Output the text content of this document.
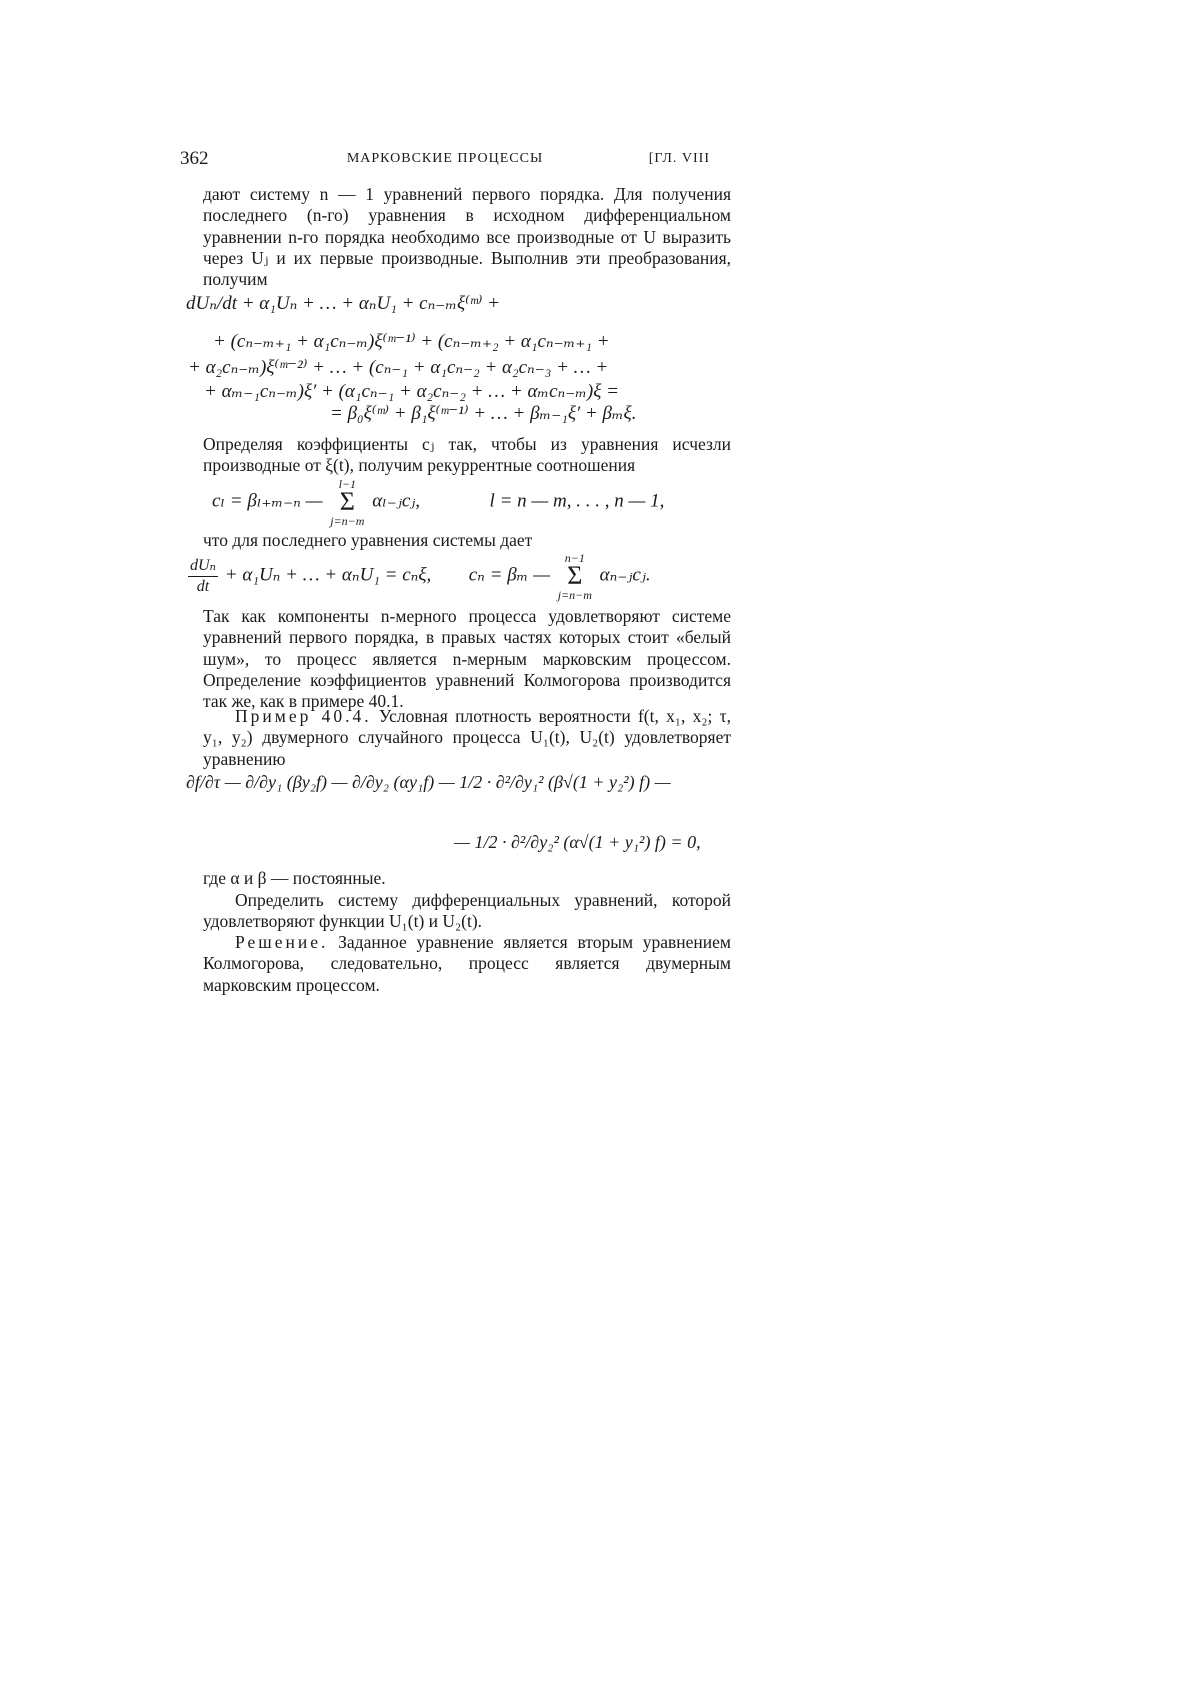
362	МАРКОВСКИЕ ПРОЦЕССЫ	[ГЛ. VIII
дают систему n — 1 уравнений первого порядка. Для получения последнего (n-го) уравнения в исходном дифференциальном уравнении n-го порядка необходимо все производные от U выразить через Uⱼ и их первые производные. Выполнив эти преобразования, получим
dUₙ/dt + α₁Uₙ + … + αₙU₁ + cₙ₋ₘξ⁽ᵐ⁾ +
+ (cₙ₋ₘ₊₁ + α₁cₙ₋ₘ)ξ⁽ᵐ⁻¹⁾ + (cₙ₋ₘ₊₂ + α₁cₙ₋ₘ₊₁ +
+ α₂cₙ₋ₘ)ξ⁽ᵐ⁻²⁾ + … + (cₙ₋₁ + α₁cₙ₋₂ + α₂cₙ₋₃ + … +
+ αₘ₋₁cₙ₋ₘ)ξ′ + (α₁cₙ₋₁ + α₂cₙ₋₂ + … + αₘcₙ₋ₘ)ξ =
= β₀ξ⁽ᵐ⁾ + β₁ξ⁽ᵐ⁻¹⁾ + … + βₘ₋₁ξ′ + βₘξ.
Определяя коэффициенты cⱼ так, чтобы из уравнения исчезли производные от ξ(t), получим рекуррентные соотношения
cₗ = βₗ₊ₘ₋ₙ —
l−1
Σ
j=n−m
αₗ₋ⱼcⱼ,	l = n — m, . . . , n — 1,
что для последнего уравнения системы дает
$\frac{\text{dUₙ}}{dt} + \alpha_1U_n$ + … + αₙU₁ = cₙξ, cₙ = βₘ —
n−1
Σ
j=n−m
αₙ₋ⱼcⱼ.
Так как компоненты n-мерного процесса удовлетворяют системе уравнений первого порядка, в правых частях которых стоит «белый шум», то процесс является n-мерным марковским процессом. Определение коэффициентов уравнений Колмогорова производится так же, как в примере 40.1.
Пример 40.4. Условная плотность вероятности f(t, x₁, x₂; τ, y₁, y₂) двумерного случайного процесса U₁(t), U₂(t) удовлетворяет уравнению
∂f/∂τ — ∂/∂y₁ (βy₂f) — ∂/∂y₂ (αy₁f) — 1/2 · ∂²/∂y₁² (β√(1 + y₂²) f) —
— 1/2 · ∂²/∂y₂² (α√(1 + y₁²) f) = 0,
где α и β — постоянные.
Определить систему дифференциальных уравнений, которой удовлетворяют функции U₁(t) и U₂(t).
Решение. Заданное уравнение является вторым уравнением Колмогорова, следовательно, процесс является двумерным марковским процессом.
